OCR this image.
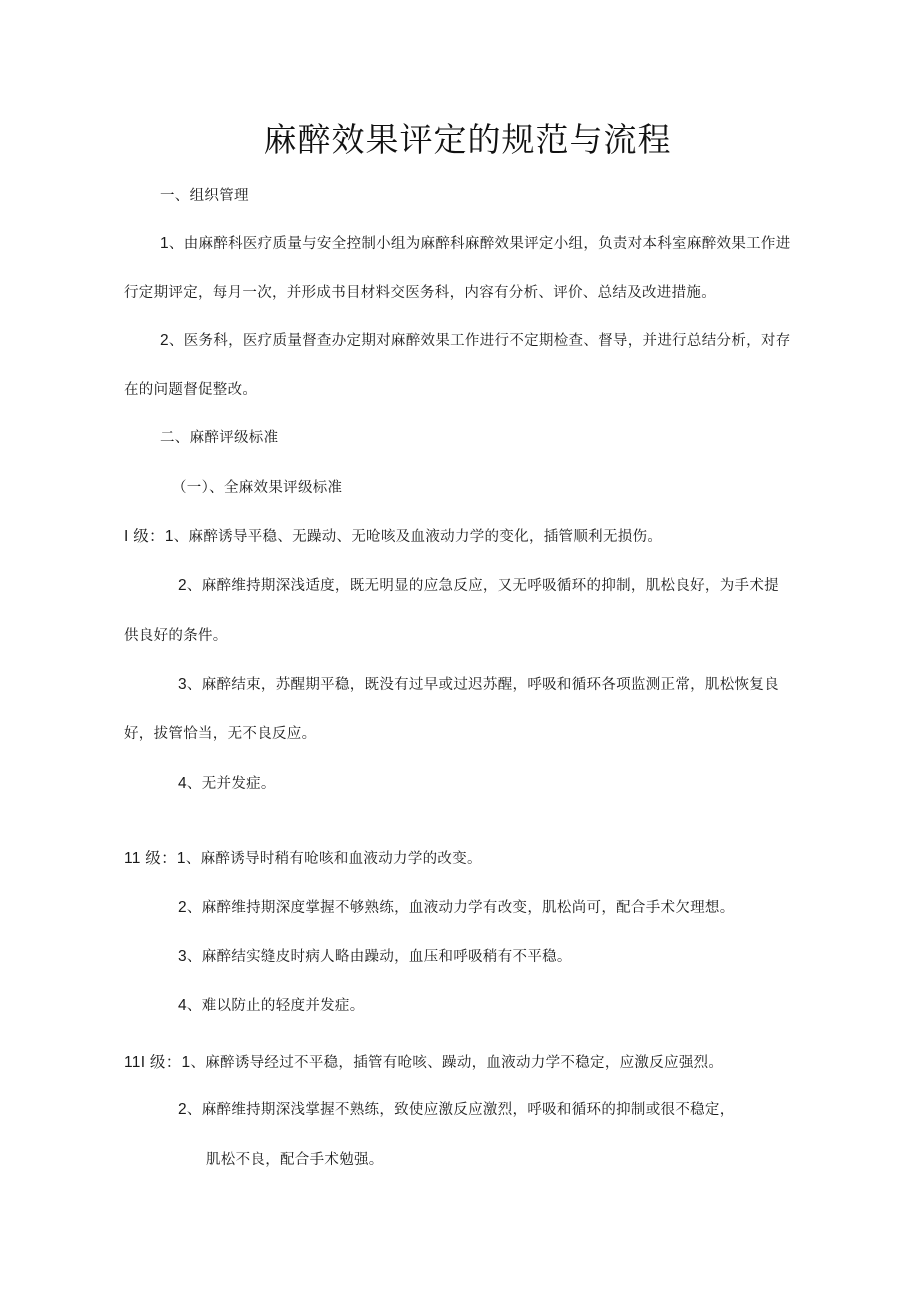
麻醉效果评定的规范与流程
一、组织管理
1、由麻醉科医疗质量与安全控制小组为麻醉科麻醉效果评定小组，负责对本科室麻醉效果工作进
行定期评定，每月一次，并形成书目材料交医务科，内容有分析、评价、总结及改进措施。
2、医务科，医疗质量督查办定期对麻醉效果工作进行不定期检查、督导，并进行总结分析，对存
在的问题督促整改。
二、麻醉评级标准
（一）、全麻效果评级标准
I 级：1、麻醉诱导平稳、无躁动、无呛咳及血液动力学的变化，插管顺利无损伤。
2、麻醉维持期深浅适度，既无明显的应急反应，又无呼吸循环的抑制，肌松良好，为手术提
供良好的条件。
3、麻醉结束，苏醒期平稳，既没有过早或过迟苏醒，呼吸和循环各项监测正常，肌松恢复良
好，拔管恰当，无不良反应。
4、无并发症。
11 级：1、麻醉诱导时稍有呛咳和血液动力学的改变。
2、麻醉维持期深度掌握不够熟练，血液动力学有改变，肌松尚可，配合手术欠理想。
3、麻醉结实缝皮时病人略由躁动，血压和呼吸稍有不平稳。
4、难以防止的轻度并发症。
11I 级：1、麻醉诱导经过不平稳，插管有呛咳、躁动，血液动力学不稳定，应激反应强烈。
2、麻醉维持期深浅掌握不熟练，致使应激反应激烈，呼吸和循环的抑制或很不稳定，
肌松不良，配合手术勉强。
